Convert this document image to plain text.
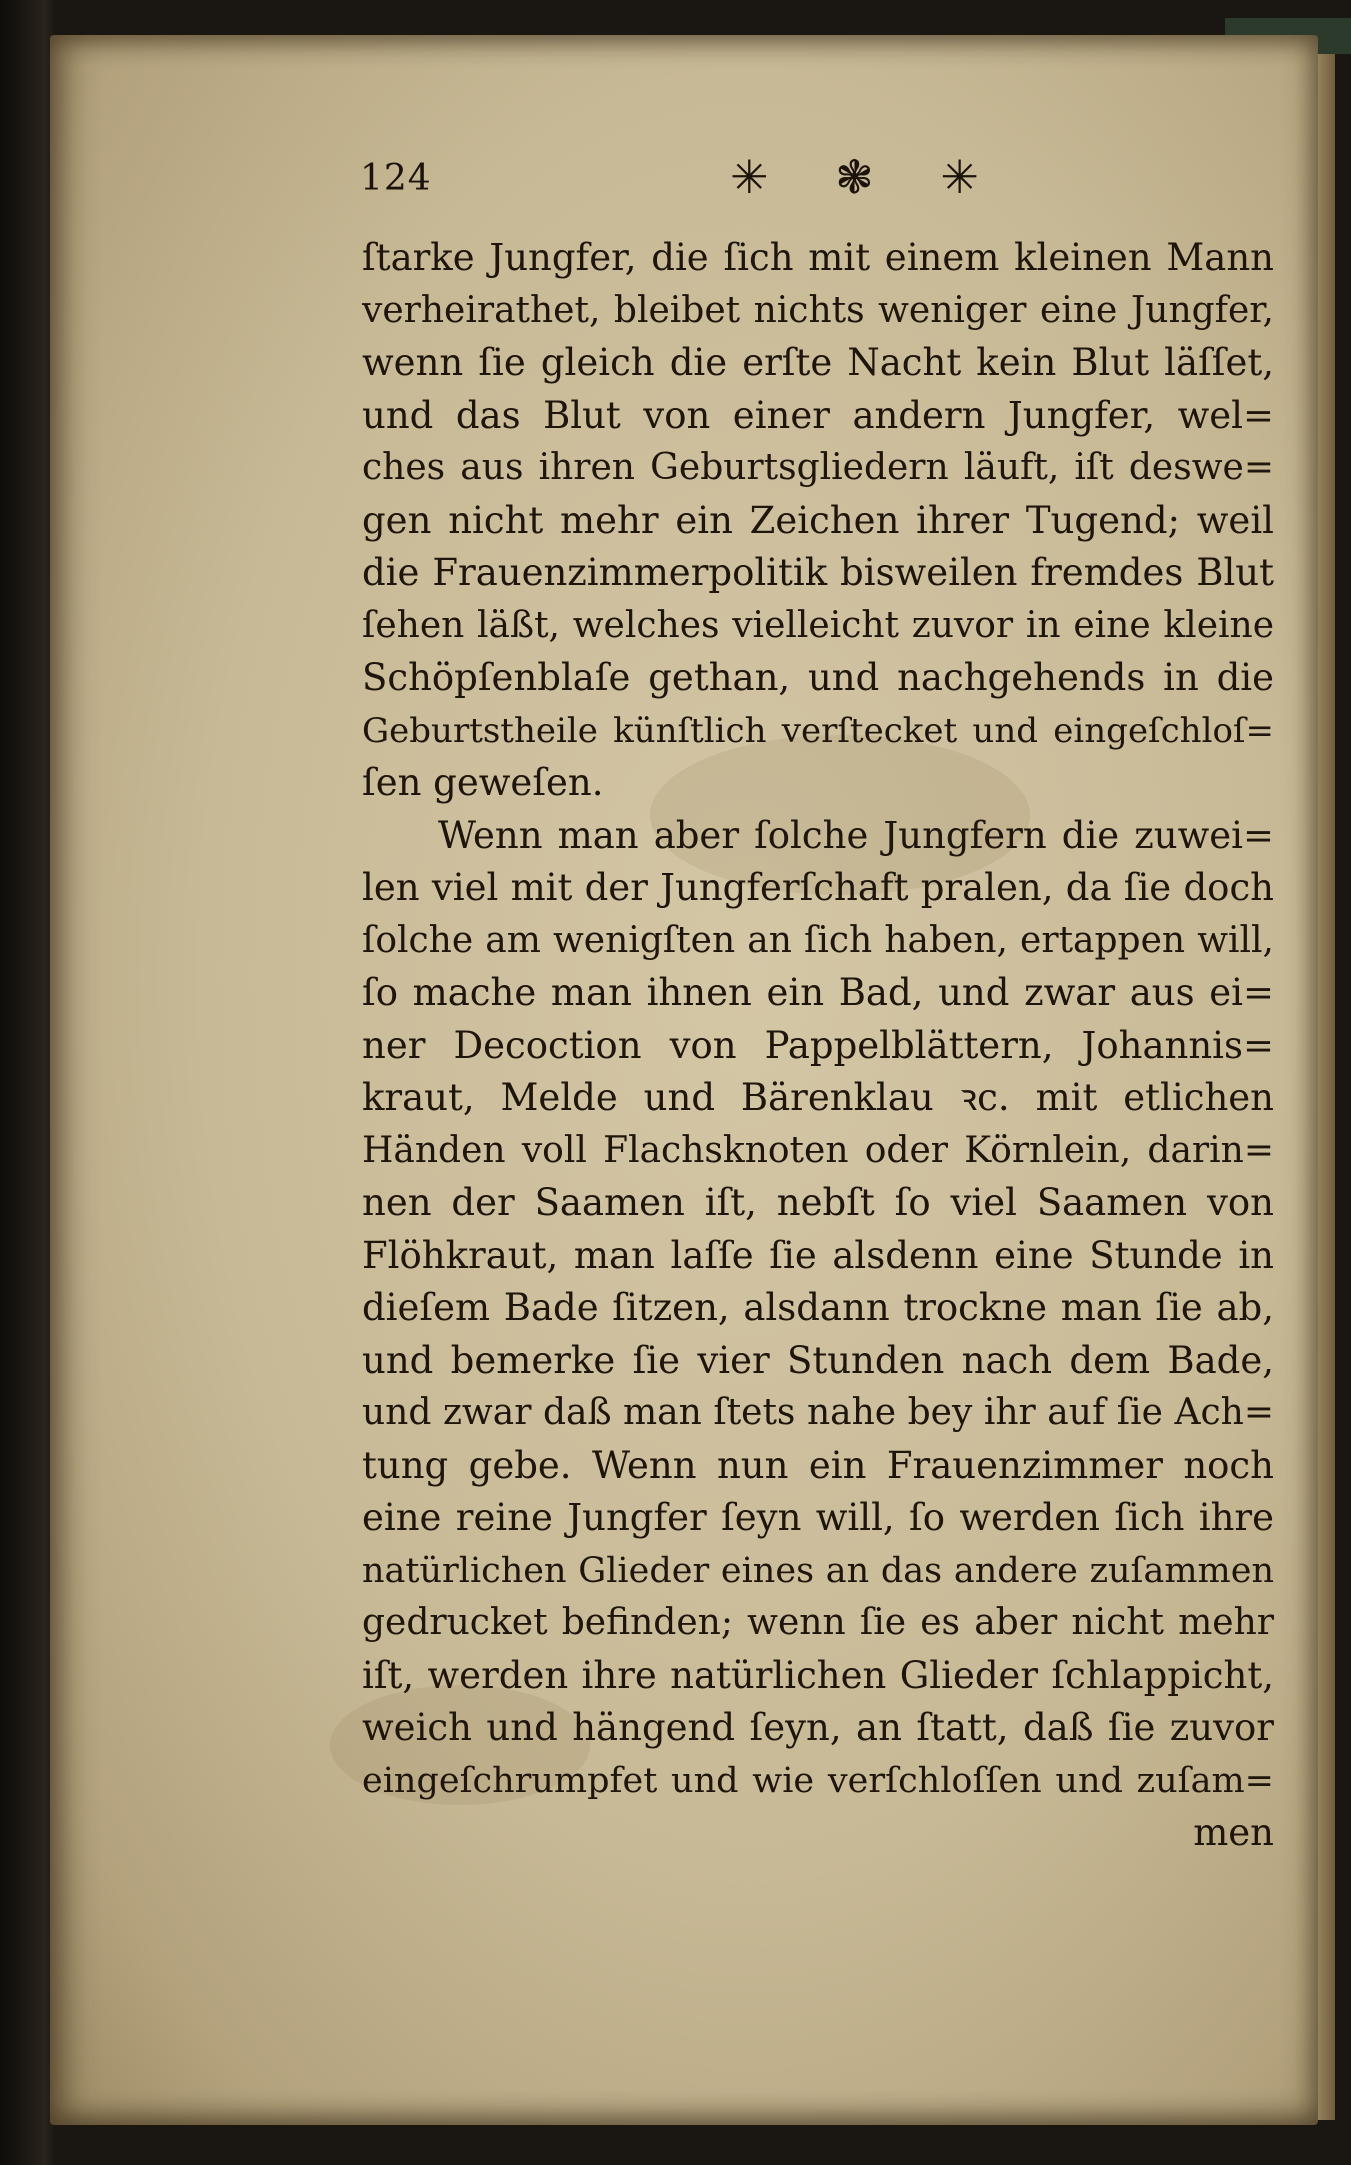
124	✳ ❃ ✳
ſtarke Jungfer, die ſich mit einem kleinen Mann
verheirathet, bleibet nichts weniger eine Jungfer,
wenn ſie gleich die erſte Nacht kein Blut läſſet,
und das Blut von einer andern Jungfer, wel=
ches aus ihren Geburtsgliedern läuft, iſt deswe=
gen nicht mehr ein Zeichen ihrer Tugend; weil
die Frauenzimmerpolitik bisweilen fremdes Blut
ſehen läßt, welches vielleicht zuvor in eine kleine
Schöpſenblaſe gethan, und nachgehends in die
Geburtstheile künſtlich verſtecket und eingeſchloſ=
ſen geweſen.
Wenn man aber ſolche Jungfern die zuwei=
len viel mit der Jungferſchaft pralen, da ſie doch
ſolche am wenigſten an ſich haben, ertappen will,
ſo mache man ihnen ein Bad, und zwar aus ei=
ner Decoction von Pappelblättern, Johannis=
kraut, Melde und Bärenklau ꝛc. mit etlichen
Händen voll Flachsknoten oder Körnlein, darin=
nen der Saamen iſt, nebſt ſo viel Saamen von
Flöhkraut, man laſſe ſie alsdenn eine Stunde in
dieſem Bade ſitzen, alsdann trockne man ſie ab,
und bemerke ſie vier Stunden nach dem Bade,
und zwar daß man ſtets nahe bey ihr auf ſie Ach=
tung gebe. Wenn nun ein Frauenzimmer noch
eine reine Jungfer ſeyn will, ſo werden ſich ihre
natürlichen Glieder eines an das andere zuſammen
gedrucket befinden; wenn ſie es aber nicht mehr
iſt, werden ihre natürlichen Glieder ſchlappicht,
weich und hängend ſeyn, an ſtatt, daß ſie zuvor
eingeſchrumpfet und wie verſchloſſen und zuſam=
men
